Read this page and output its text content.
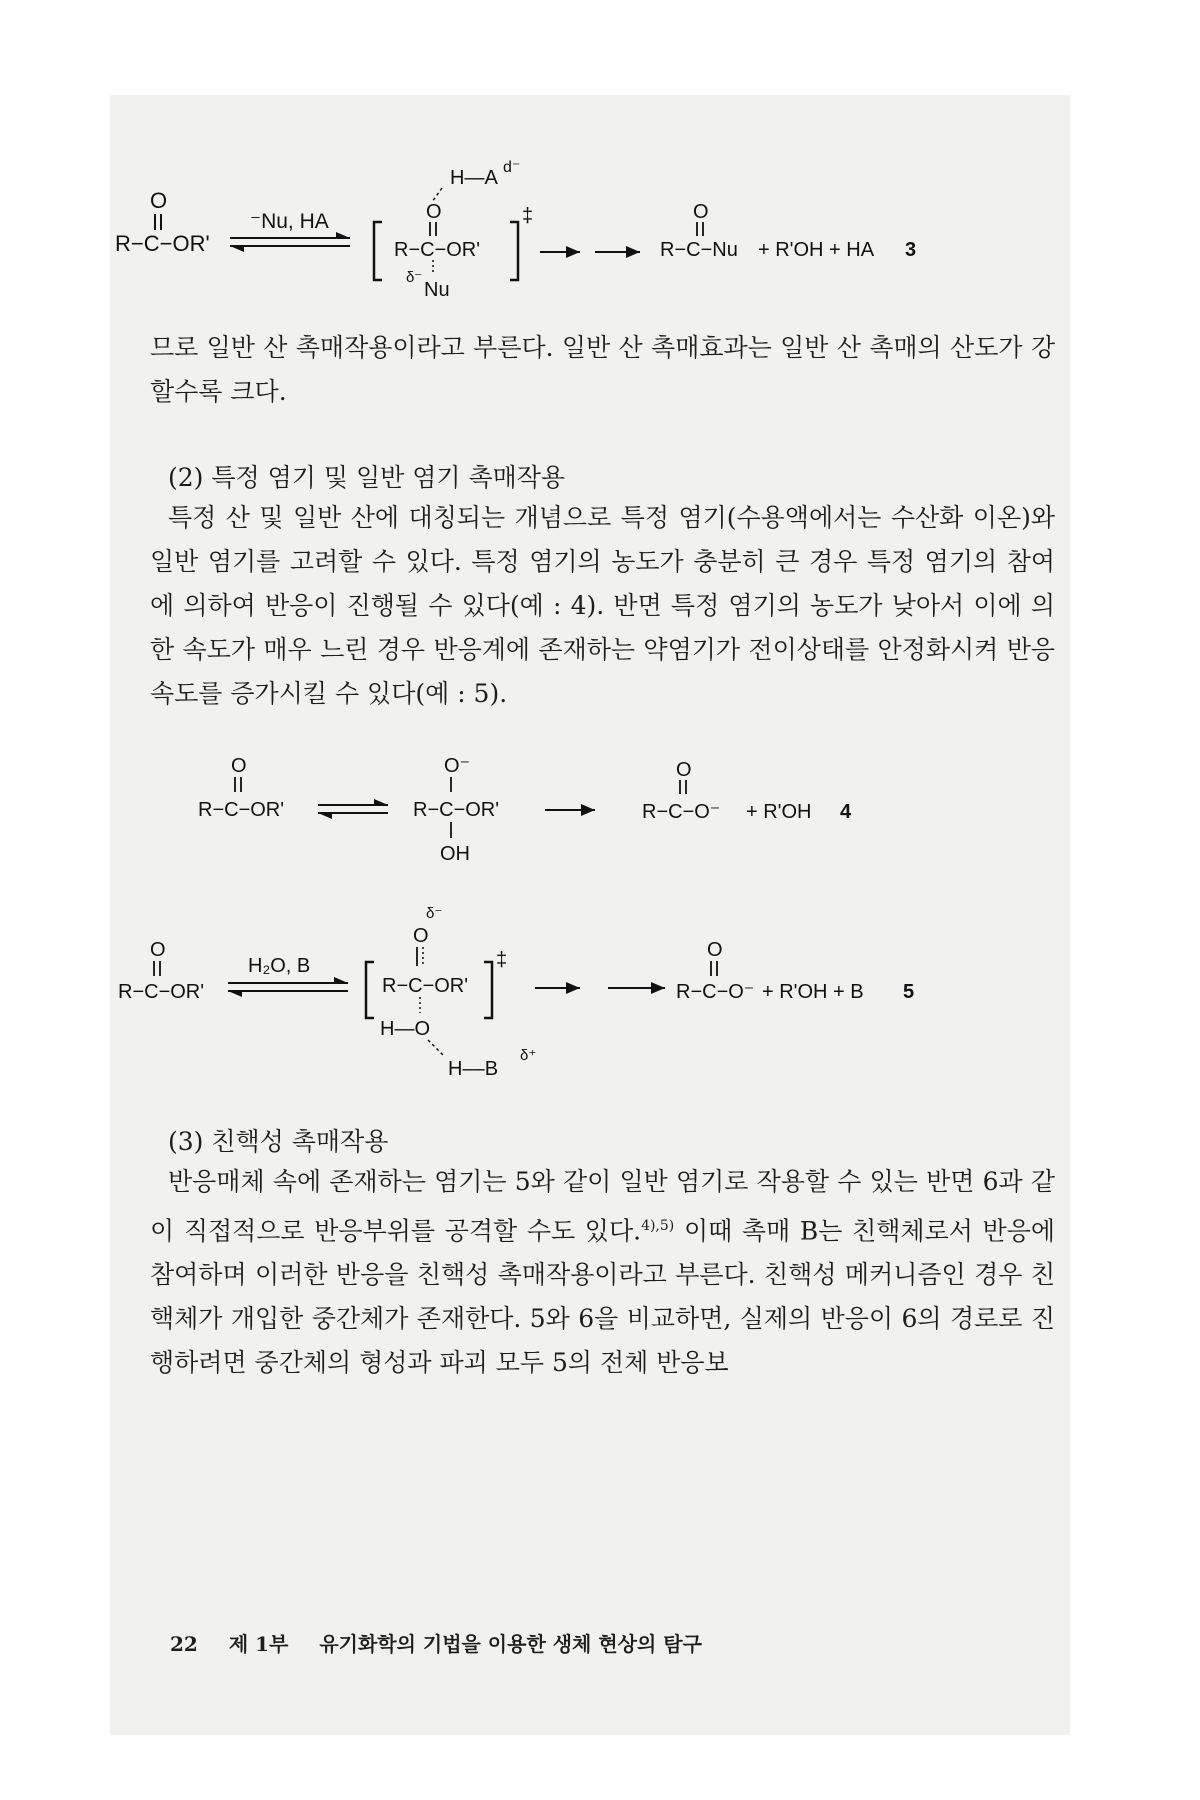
O
R−C−OR'
⁻Nu, HA	‡
H—A d⁻
O
R−C−OR'
δ⁻
Nu
O
R−C−Nu + R'OH + HA 3
므로 일반 산 촉매작용이라고 부른다. 일반 산 촉매효과는 일반 산 촉매의 산도가 강할수록 크다.
(2) 특정 염기 및 일반 염기 촉매작용

특정 산 및 일반 산에 대칭되는 개념으로 특정 염기(수용액에서는 수산화 이온)와 일반 염기를 고려할 수 있다. 특정 염기의 농도가 충분히 큰 경우 특정 염기의 참여에 의하여 반응이 진행될 수 있다(예 : 4). 반면 특정 염기의 농도가 낮아서 이에 의한 속도가 매우 느린 경우 반응계에 존재하는 약염기가 전이상태를 안정화시켜 반응속도를 증가시킬 수 있다(예 : 5).

O
R−C−OR'
O⁻
R−C−OR'
OH
O
R−C−O⁻ + R'OH 4
O
R−C−OR'
H₂O, B	‡
δ⁻
O
R−C−OR'
H—O
H––B
δ⁺
O
R−C−O⁻ + R'OH + B 5
(3) 친핵성 촉매작용

반응매체 속에 존재하는 염기는 5와 같이 일반 염기로 작용할 수 있는 반면 6과 같이 직접적으로 반응부위를 공격할 수도 있다.$^{4),5)}$ 이때 촉매 B는 친핵체로서 반응에 참여하며 이러한 반응을 친핵성 촉매작용이라고 부른다. 친핵성 메커니즘인 경우 친핵체가 개입한 중간체가 존재한다. 5와 6을 비교하면, 실제의 반응이 6의 경로로 진행하려면 중간체의 형성과 파괴 모두 5의 전체 반응보

22 제 1부 유기화학의 기법을 이용한 생체 현상의 탐구
